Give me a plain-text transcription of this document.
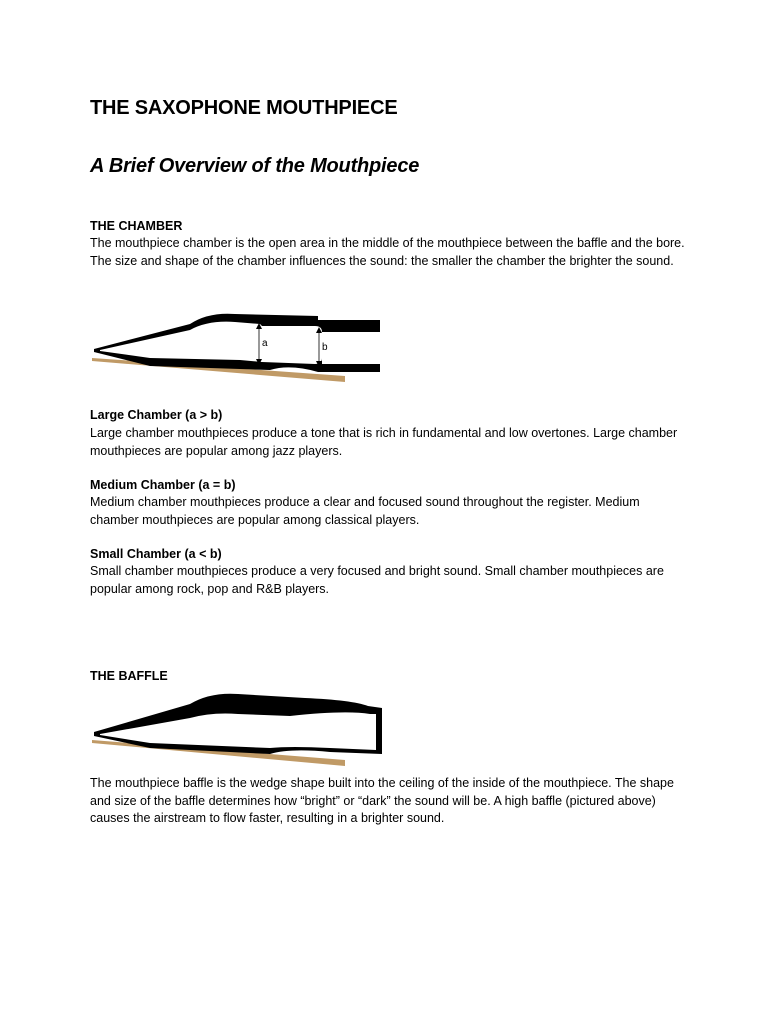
THE SAXOPHONE MOUTHPIECE
A Brief Overview of the Mouthpiece
THE CHAMBER
The mouthpiece chamber is the open area in the middle of the mouthpiece between the baffle and the bore. The size and shape of the chamber influences the sound: the smaller the chamber the brighter the sound.
a	b
Large Chamber (a > b)
Large chamber mouthpieces produce a tone that is rich in fundamental and low overtones. Large chamber mouthpieces are popular among jazz players.
Medium Chamber (a = b)
Medium chamber mouthpieces produce a clear and focused sound throughout the register. Medium chamber mouthpieces are popular among classical players.
Small Chamber (a < b)
Small chamber mouthpieces produce a very focused and bright sound. Small chamber mouthpieces are popular among rock, pop and R&B players.
THE BAFFLE
The mouthpiece baffle is the wedge shape built into the ceiling of the inside of the mouthpiece. The shape and size of the baffle determines how “bright” or “dark” the sound will be. A high baffle (pictured above) causes the airstream to flow faster, resulting in a brighter sound.
